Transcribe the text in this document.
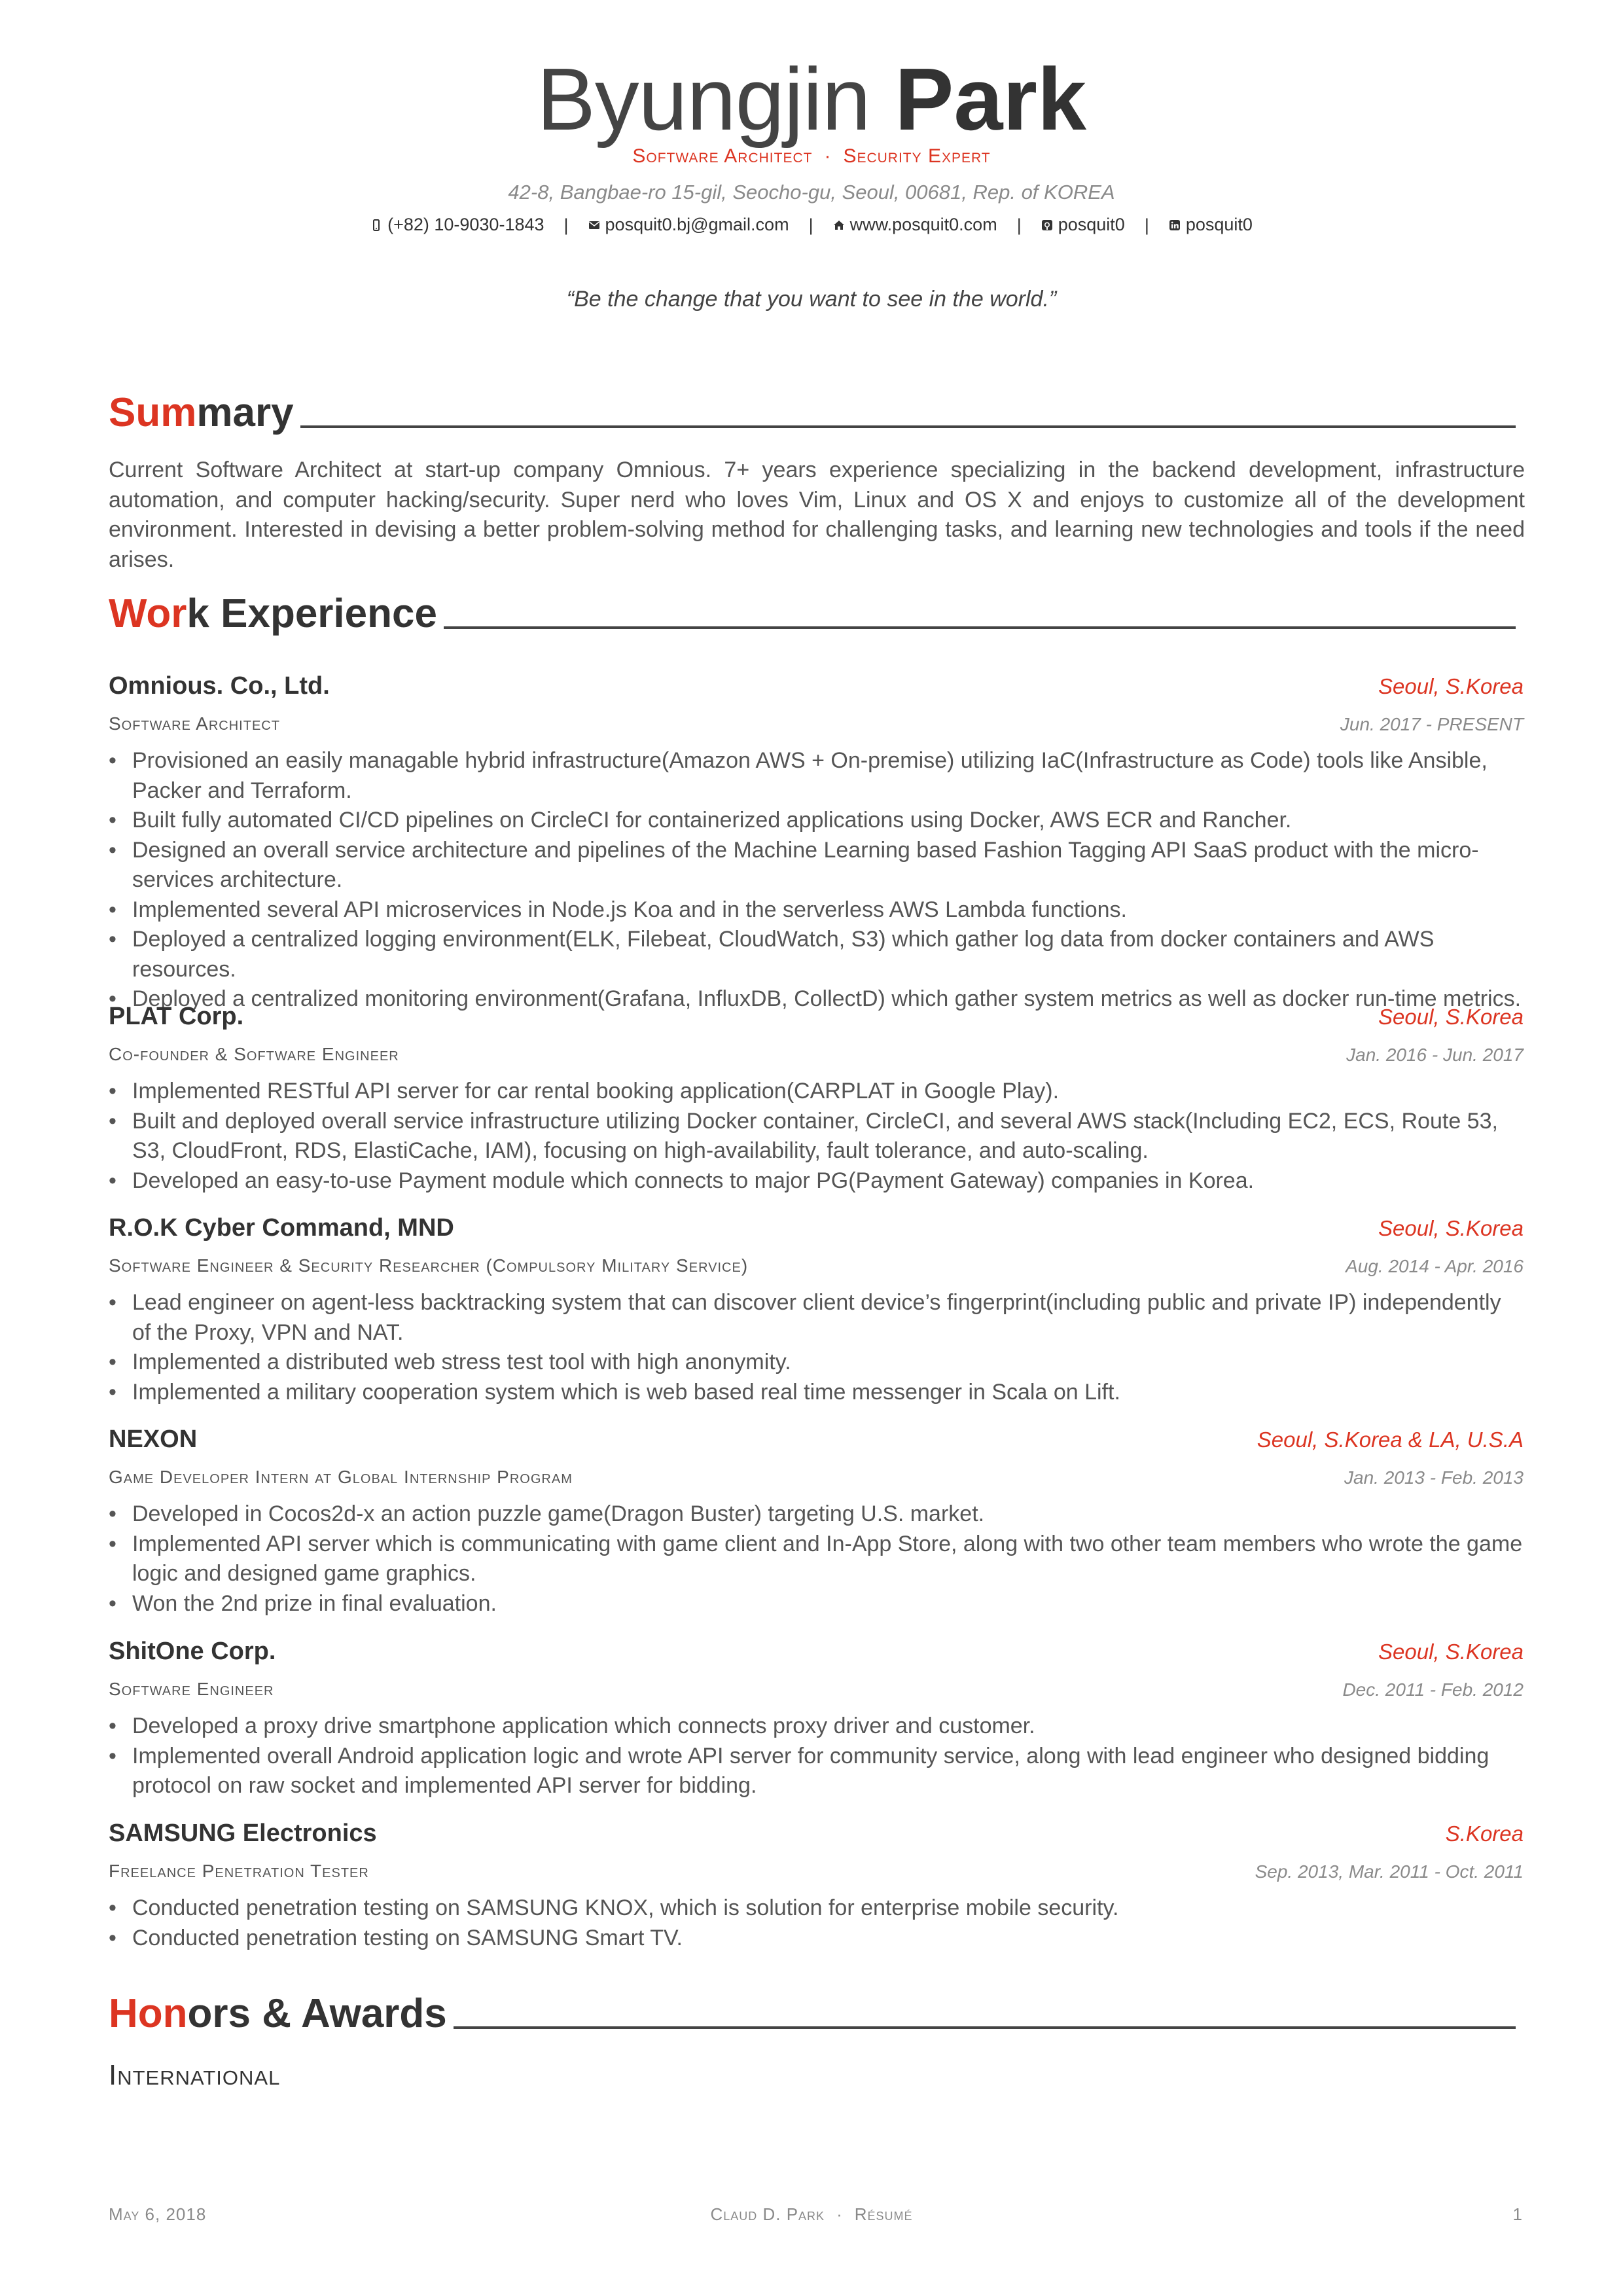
Byungjin Park
Software Architect · Security Expert
42-8, Bangbae-ro 15-gil, Seocho-gu, Seoul, 00681, Rep. of KOREA
(+82) 10-9030-1843 | posquit0.bj@gmail.com | www.posquit0.com | posquit0 | posquit0
“Be the change that you want to see in the world.”
Sum mary
Current Software Architect at start-up company Omnious. 7+ years experience specializing in the backend development, infrastructure automation, and computer hacking/security. Super nerd who loves Vim, Linux and OS X and enjoys to customize all of the development environment. Interested in devising a better problem-solving method for challenging tasks, and learning new technologies and tools if the need arises.
Wor k Experience
Omnious. Co., Ltd.	Seoul, S.Korea
Software Architect	Jun. 2017 - PRESENT
• Provisioned an easily managable hybrid infrastructure(Amazon AWS + On-premise) utilizing IaC(Infrastructure as Code) tools like Ansible, Packer and Terraform.
• Built fully automated CI/CD pipelines on CircleCI for containerized applications using Docker, AWS ECR and Rancher.
• Designed an overall service architecture and pipelines of the Machine Learning based Fashion Tagging API SaaS product with the micro-services architecture.
• Implemented several API microservices in Node.js Koa and in the serverless AWS Lambda functions.
• Deployed a centralized logging environment(ELK, Filebeat, CloudWatch, S3) which gather log data from docker containers and AWS resources.
• Deployed a centralized monitoring environment(Grafana, InfluxDB, CollectD) which gather system metrics as well as docker run-time metrics.
PLAT Corp.	Seoul, S.Korea
Co-founder & Software Engineer	Jan. 2016 - Jun. 2017
• Implemented RESTful API server for car rental booking application(CARPLAT in Google Play).
• Built and deployed overall service infrastructure utilizing Docker container, CircleCI, and several AWS stack(Including EC2, ECS, Route 53, S3, CloudFront, RDS, ElastiCache, IAM), focusing on high-availability, fault tolerance, and auto-scaling.
• Developed an easy-to-use Payment module which connects to major PG(Payment Gateway) companies in Korea.
R.O.K Cyber Command, MND	Seoul, S.Korea
Software Engineer & Security Researcher (Compulsory Military Service)	Aug. 2014 - Apr. 2016
• Lead engineer on agent-less backtracking system that can discover client device’s fingerprint(including public and private IP) independently of the Proxy, VPN and NAT.
• Implemented a distributed web stress test tool with high anonymity.
• Implemented a military cooperation system which is web based real time messenger in Scala on Lift.
NEXON	Seoul, S.Korea & LA, U.S.A
Game Developer Intern at Global Internship Program	Jan. 2013 - Feb. 2013
• Developed in Cocos2d-x an action puzzle game(Dragon Buster) targeting U.S. market.
• Implemented API server which is communicating with game client and In-App Store, along with two other team members who wrote the game logic and designed game graphics.
• Won the 2nd prize in final evaluation.
ShitOne Corp.	Seoul, S.Korea
Software Engineer	Dec. 2011 - Feb. 2012
• Developed a proxy drive smartphone application which connects proxy driver and customer.
• Implemented overall Android application logic and wrote API server for community service, along with lead engineer who designed bidding protocol on raw socket and implemented API server for bidding.
SAMSUNG Electronics	S.Korea
Freelance Penetration Tester	Sep. 2013, Mar. 2011 - Oct. 2011
• Conducted penetration testing on SAMSUNG KNOX, which is solution for enterprise mobile security.
• Conducted penetration testing on SAMSUNG Smart TV.
Hon ors & Awards
International
May 6, 2018	Claud D. Park · Résumé	1
